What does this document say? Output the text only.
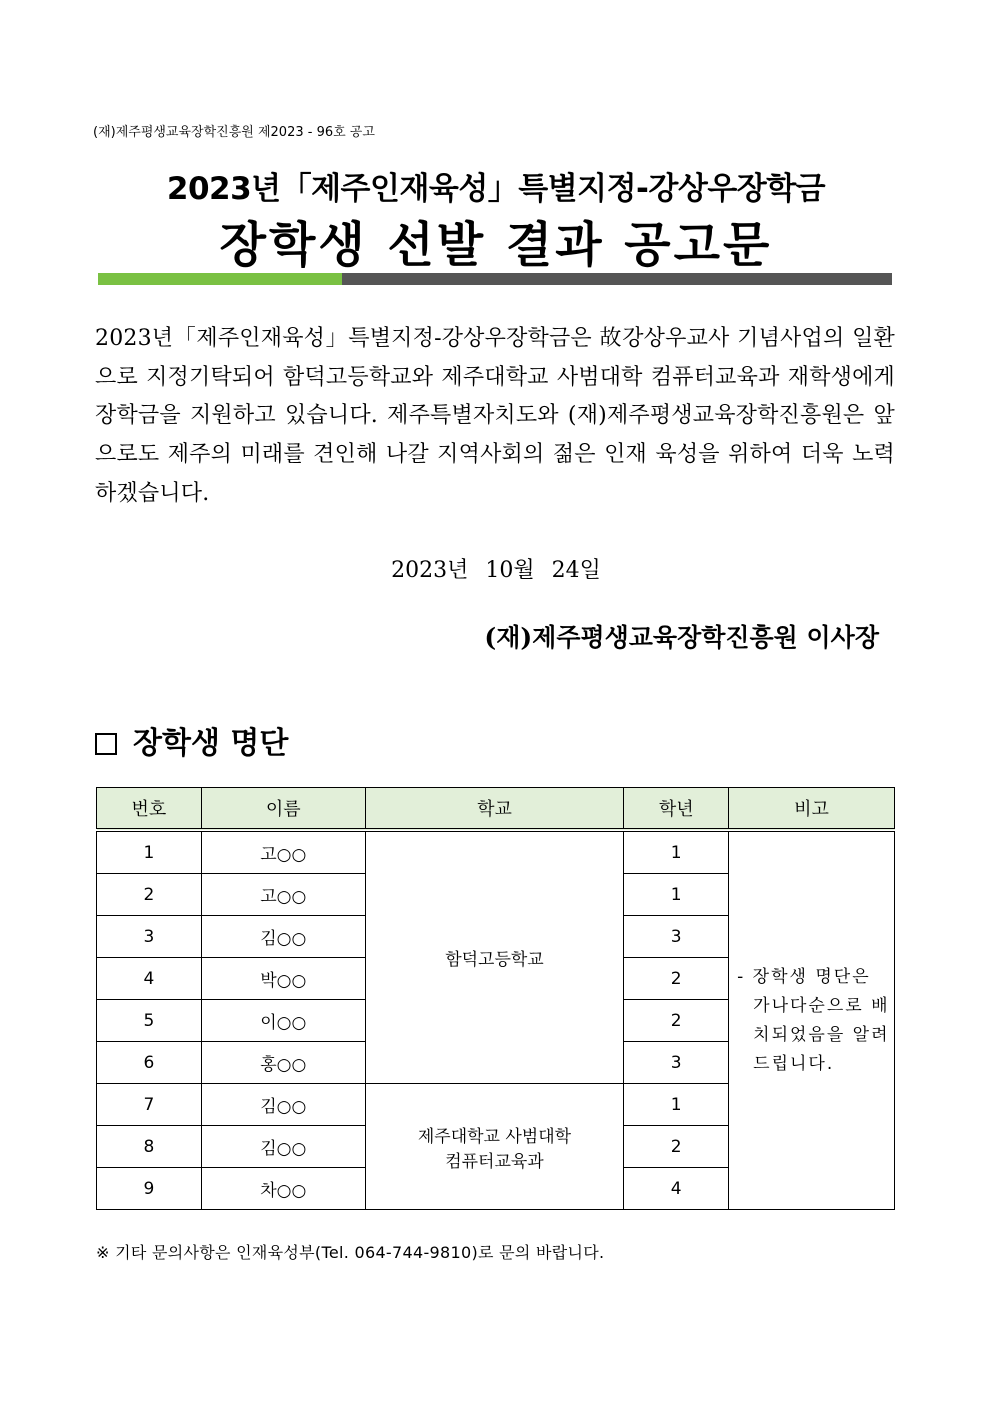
(재)제주평생교육장학진흥원 제2023 - 96호 공고
2023년「제주인재육성」특별지정-강상우장학금
장학생 선발 결과 공고문

2023년「제주인재육성」특별지정-강상우장학금은 故강상우교사 기념사업의 일환으로 지정기탁되어 함덕고등학교와 제주대학교 사범대학 컴퓨터교육과 재학생에게 장학금을 지원하고 있습니다. 제주특별자치도와 (재)제주평생교육장학진흥원은 앞으로도 제주의 미래를 견인해 나갈 지역사회의 젊은 인재 육성을 위하여 더욱 노력하겠습니다.

2023년 10월 24일
(재)제주평생교육장학진흥원 이사장
장학생 명단
번호	이름	학교	학년	비고
1	고○○	함덕고등학교	1	- 장학생 명단은 가나다순으로 배치되었음을 알려드립니다.

2	고○○		1	
3	김○○		3	
4	박○○		2	
5	이○○		2	
6	홍○○		3	
7	김○○	제주대학교 사범대학
컴퓨터교육과	1	
8	김○○		2	
9	차○○		4	
※ 기타 문의사항은 인재육성부(Tel. 064-744-9810)로 문의 바랍니다.
